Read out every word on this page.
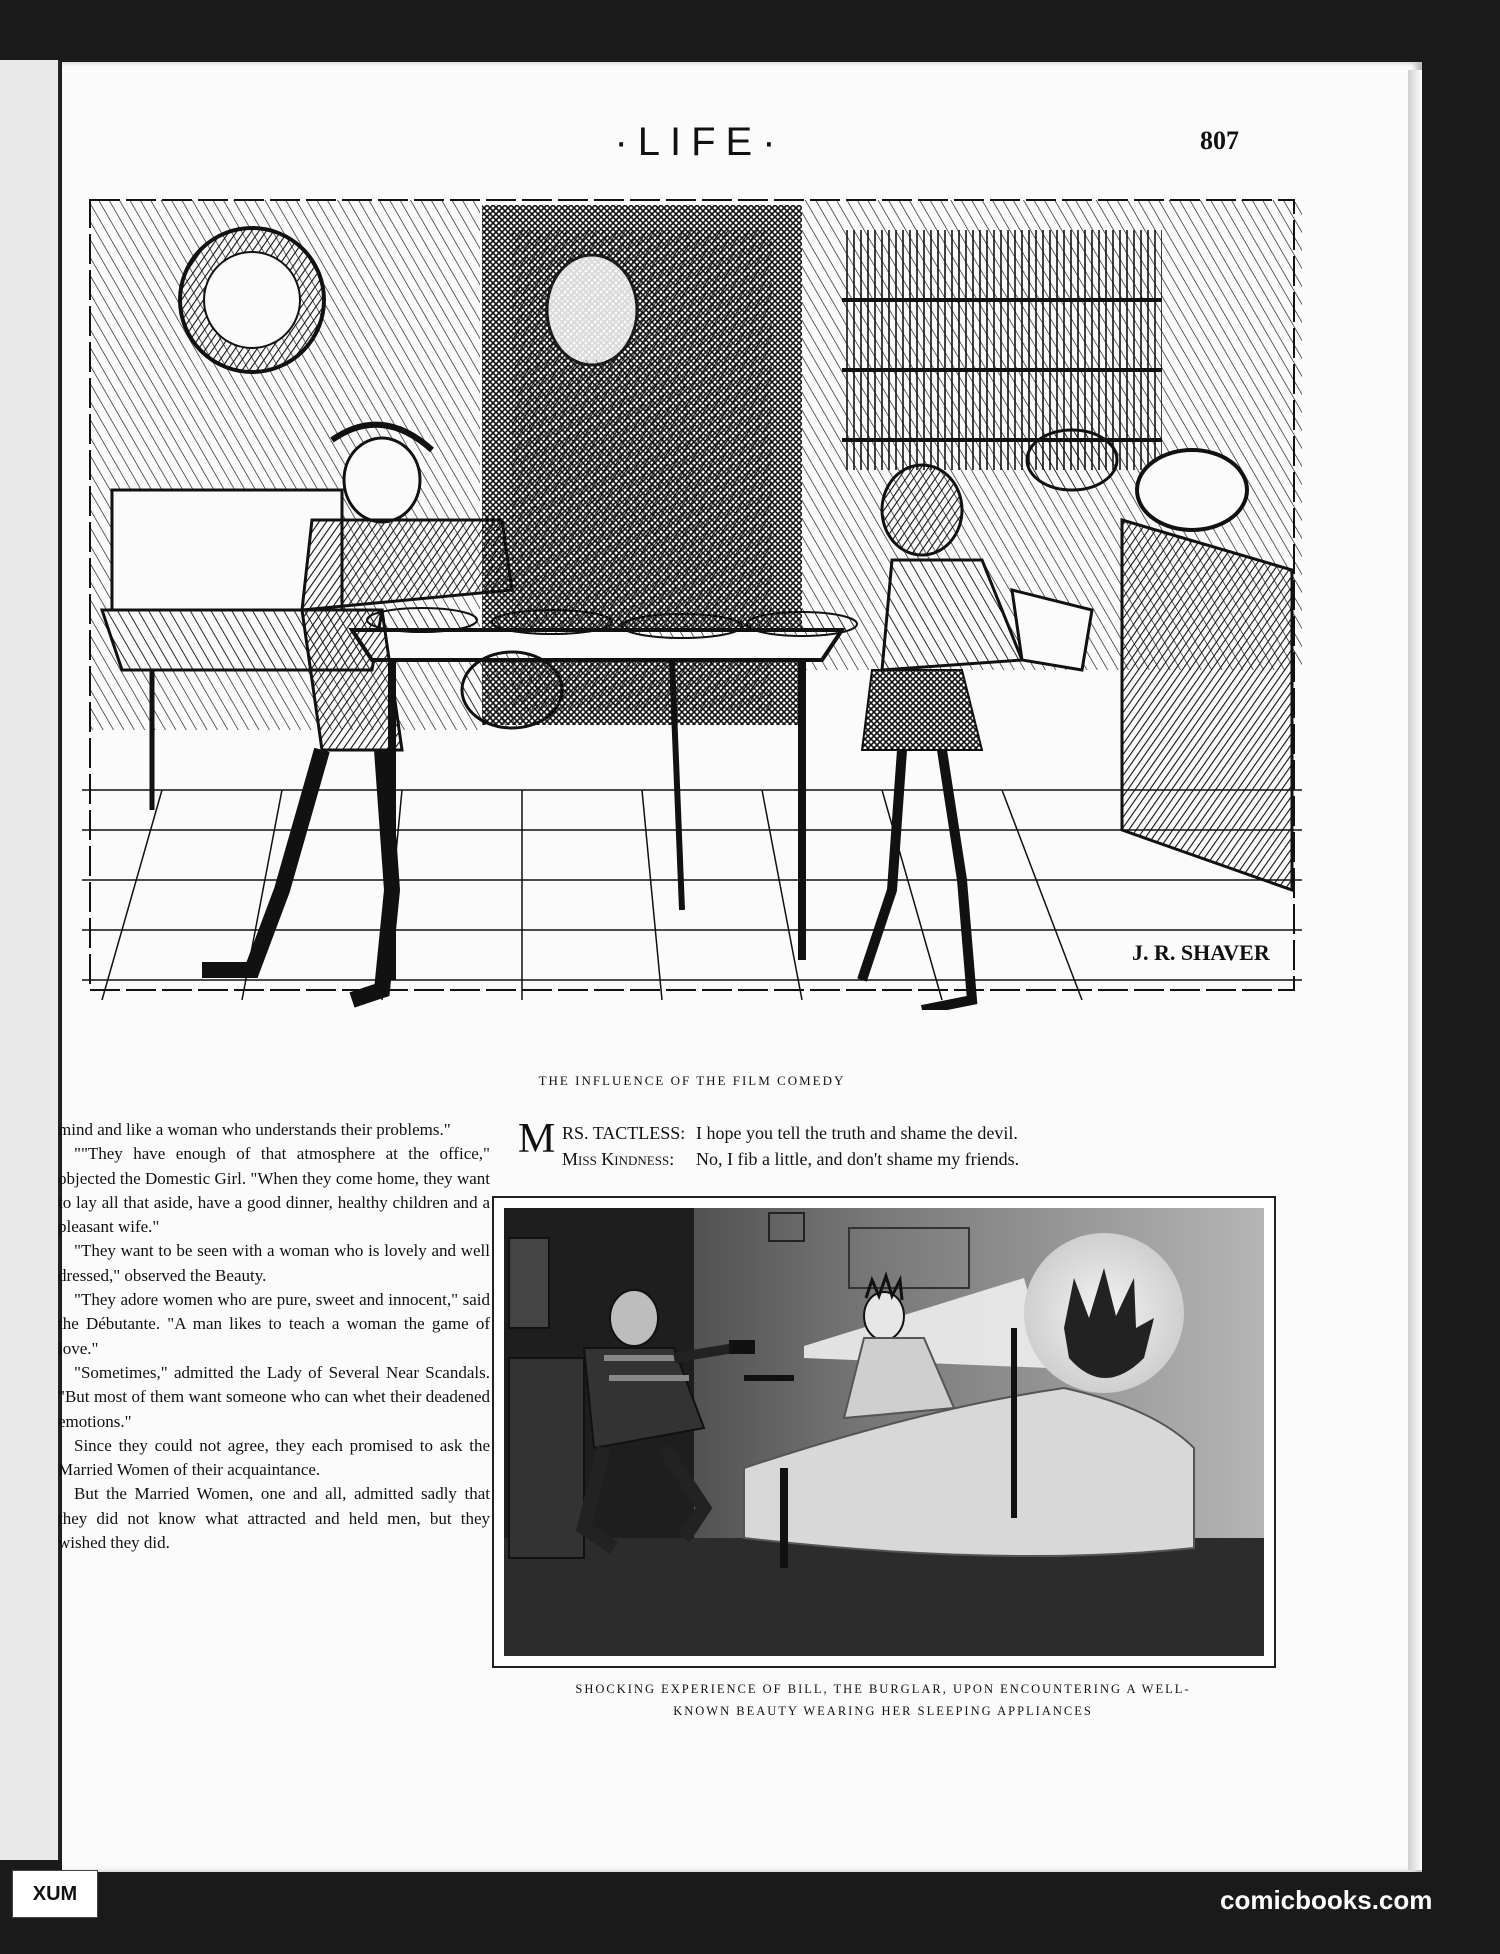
·LIFE·	807
J. R. SHAVER
THE INFLUENCE OF THE FILM COMEDY

mind and like a woman who understands their problems."

""They have enough of that atmosphere at the office," objected the Domestic Girl. "When they come home, they want to lay all that aside, have a good dinner, healthy children and a pleasant wife."

"They want to be seen with a woman who is lovely and well dressed," observed the Beauty.

"They adore women who are pure, sweet and innocent," said the Débutante. "A man likes to teach a woman the game of love."

"Sometimes," admitted the Lady of Several Near Scandals. "But most of them want someone who can whet their deadened emotions."

Since they could not agree, they each promised to ask the Married Women of their acquaintance.

But the Married Women, one and all, admitted sadly that they did not know what attracted and held men, but they wished they did.

M RS. TACTLESS: I hope you tell the truth and shame the devil.
Miss Kindness: No, I fib a little, and don't shame my friends.
SHOCKING EXPERIENCE OF BILL, THE BURGLAR, UPON ENCOUNTERING A WELL-
KNOWN BEAUTY WEARING HER SLEEPING APPLIANCES
XUM	comicbooks.com
